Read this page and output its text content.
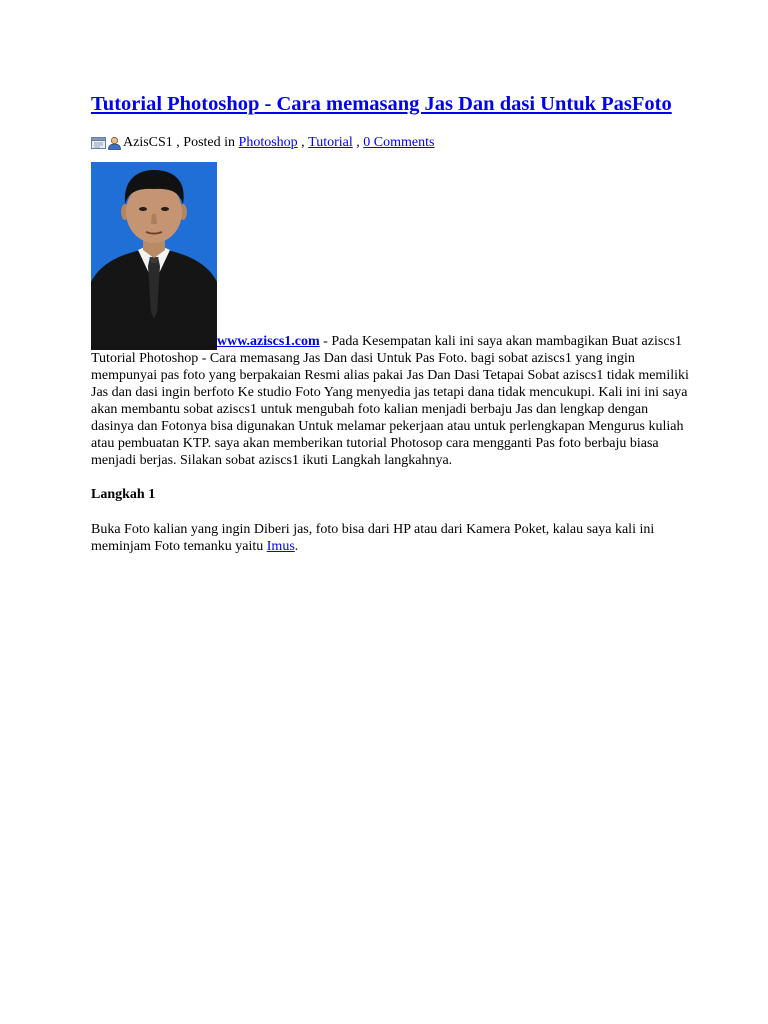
Tutorial Photoshop - Cara memasang Jas Dan dasi Untuk PasFoto
AzisCS1 , Posted in Photoshop , Tutorial , 0 Comments
www.aziscs1.com - Pada Kesempatan kali ini saya akan mambagikan Buat aziscs1 Tutorial Photoshop - Cara memasang Jas Dan dasi Untuk Pas Foto. bagi sobat aziscs1 yang ingin mempunyai pas foto yang berpakaian Resmi alias pakai Jas Dan Dasi Tetapai Sobat aziscs1 tidak memiliki Jas dan dasi ingin berfoto Ke studio Foto Yang menyedia jas tetapi dana tidak mencukupi. Kali ini ini saya akan membantu sobat aziscs1 untuk mengubah foto kalian menjadi berbaju Jas dan lengkap dengan dasinya dan Fotonya bisa digunakan Untuk melamar pekerjaan atau untuk perlengkapan Mengurus kuliah atau pembuatan KTP. saya akan memberikan tutorial Photosop cara mengganti Pas foto berbaju biasa menjadi berjas. Silakan sobat aziscs1 ikuti Langkah langkahnya.
Langkah 1
Buka Foto kalian yang ingin Diberi jas, foto bisa dari HP atau dari Kamera Poket, kalau saya kali ini meminjam Foto temanku yaitu Imus.
